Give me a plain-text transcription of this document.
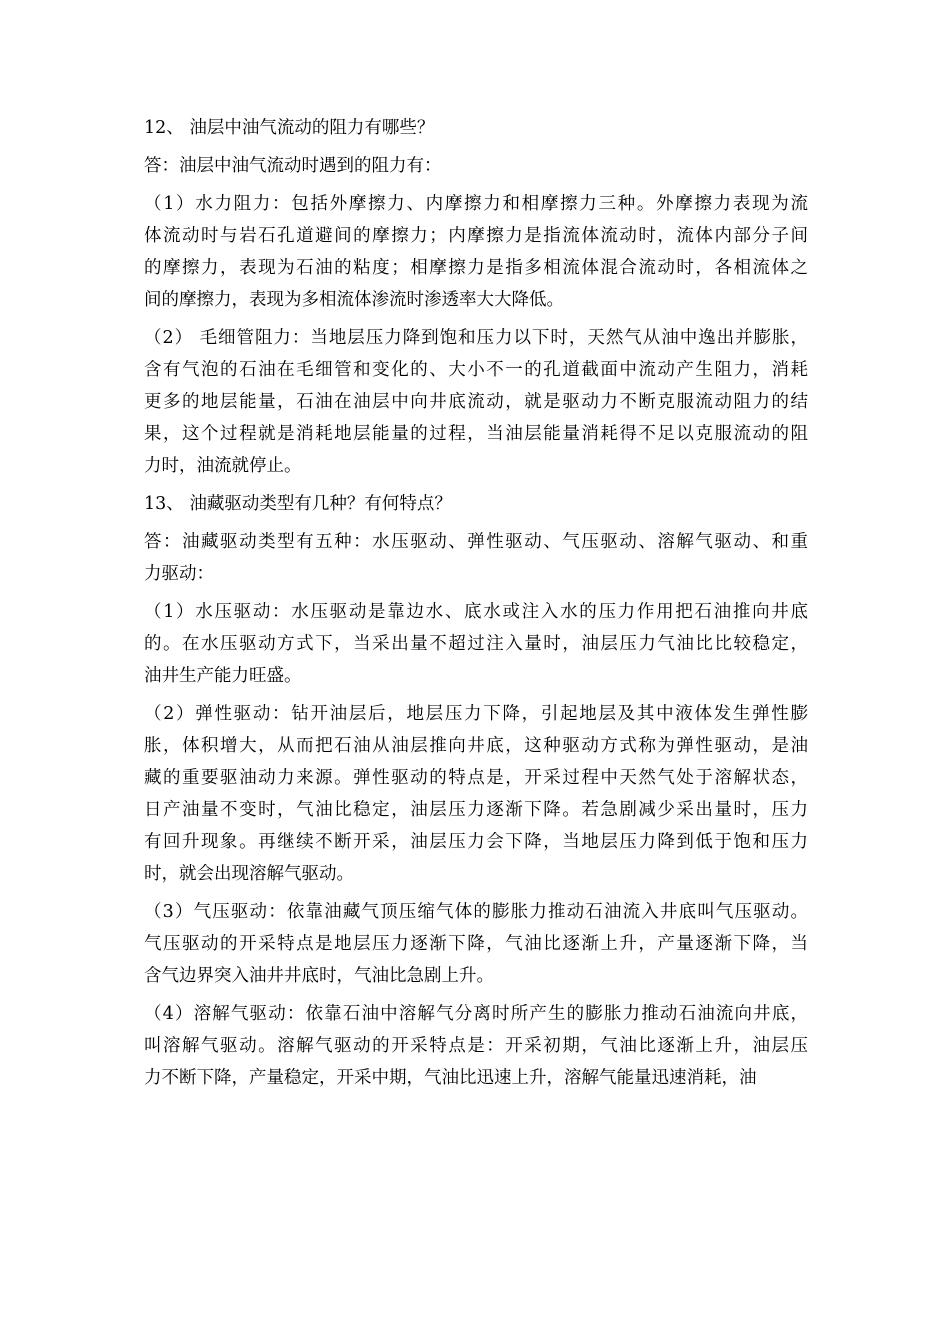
12、 油层中油气流动的阻力有哪些？
答：油层中油气流动时遇到的阻力有：
（1）水力阻力：包括外摩擦力、内摩擦力和相摩擦力三种。外摩擦力表现为流
体流动时与岩石孔道避间的摩擦力；内摩擦力是指流体流动时，流体内部分子间
的摩擦力，表现为石油的粘度；相摩擦力是指多相流体混合流动时，各相流体之
间的摩擦力，表现为多相流体渗流时渗透率大大降低。
（2） 毛细管阻力：当地层压力降到饱和压力以下时，天然气从油中逸出并膨胀，
含有气泡的石油在毛细管和变化的、大小不一的孔道截面中流动产生阻力，消耗
更多的地层能量，石油在油层中向井底流动，就是驱动力不断克服流动阻力的结
果，这个过程就是消耗地层能量的过程，当油层能量消耗得不足以克服流动的阻
力时，油流就停止。
13、 油藏驱动类型有几种？有何特点？
答：油藏驱动类型有五种：水压驱动、弹性驱动、气压驱动、溶解气驱动、和重
力驱动：
（1）水压驱动：水压驱动是靠边水、底水或注入水的压力作用把石油推向井底
的。在水压驱动方式下，当采出量不超过注入量时，油层压力气油比比较稳定，
油井生产能力旺盛。
（2）弹性驱动：钻开油层后，地层压力下降，引起地层及其中液体发生弹性膨
胀，体积增大，从而把石油从油层推向井底，这种驱动方式称为弹性驱动，是油
藏的重要驱油动力来源。弹性驱动的特点是，开采过程中天然气处于溶解状态，
日产油量不变时，气油比稳定，油层压力逐渐下降。若急剧减少采出量时，压力
有回升现象。再继续不断开采，油层压力会下降，当地层压力降到低于饱和压力
时，就会出现溶解气驱动。
（3）气压驱动：依靠油藏气顶压缩气体的膨胀力推动石油流入井底叫气压驱动。
气压驱动的开采特点是地层压力逐渐下降，气油比逐渐上升，产量逐渐下降，当
含气边界突入油井井底时，气油比急剧上升。
（4）溶解气驱动：依靠石油中溶解气分离时所产生的膨胀力推动石油流向井底，
叫溶解气驱动。溶解气驱动的开采特点是：开采初期，气油比逐渐上升，油层压
力不断下降，产量稳定，开采中期，气油比迅速上升，溶解气能量迅速消耗，油
